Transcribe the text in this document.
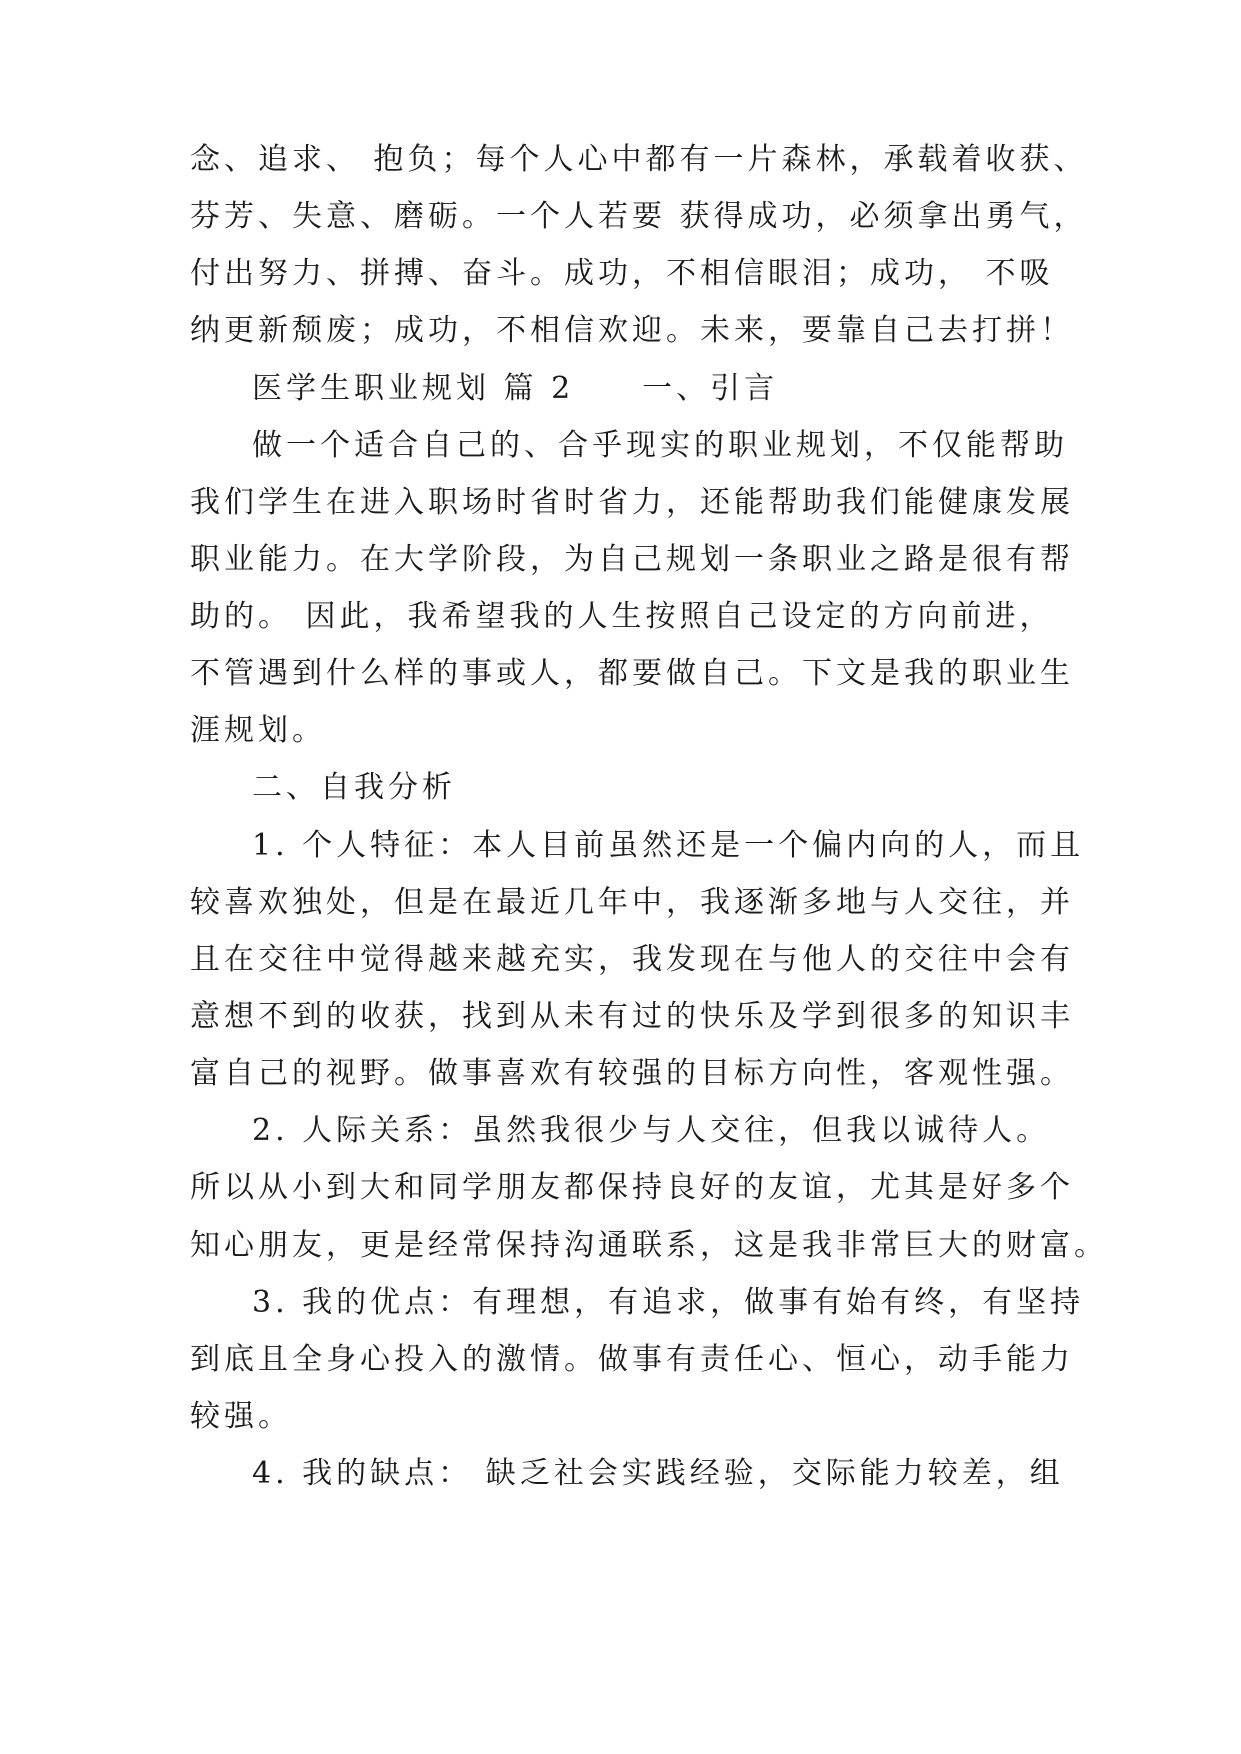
念、追求、 抱负；每个人心中都有一片森林，承载着收获、
芬芳、失意、磨砺。一个人若要 获得成功，必须拿出勇气，
付出努力、拼搏、奋斗。成功，不相信眼泪；成功， 不吸
纳更新颓废；成功，不相信欢迎。未来，要靠自己去打拼！
医学生职业规划 篇 2　　一、引言
做一个适合自己的、合乎现实的职业规划，不仅能帮助
我们学生在进入职场时省时省力，还能帮助我们能健康发展
职业能力。在大学阶段，为自己规划一条职业之路是很有帮
助的。 因此，我希望我的人生按照自己设定的方向前进，
不管遇到什么样的事或人，都要做自己。下文是我的职业生
涯规划。
二、自我分析
1. 个人特征：本人目前虽然还是一个偏内向的人，而且
较喜欢独处，但是在最近几年中，我逐渐多地与人交往，并
且在交往中觉得越来越充实，我发现在与他人的交往中会有
意想不到的收获，找到从未有过的快乐及学到很多的知识丰
富自己的视野。做事喜欢有较强的目标方向性，客观性强。
2. 人际关系：虽然我很少与人交往，但我以诚待人。
所以从小到大和同学朋友都保持良好的友谊，尤其是好多个
知心朋友，更是经常保持沟通联系，这是我非常巨大的财富。
3. 我的优点：有理想，有追求，做事有始有终，有坚持
到底且全身心投入的激情。做事有责任心、恒心，动手能力
较强。
4. 我的缺点： 缺乏社会实践经验，交际能力较差，组
